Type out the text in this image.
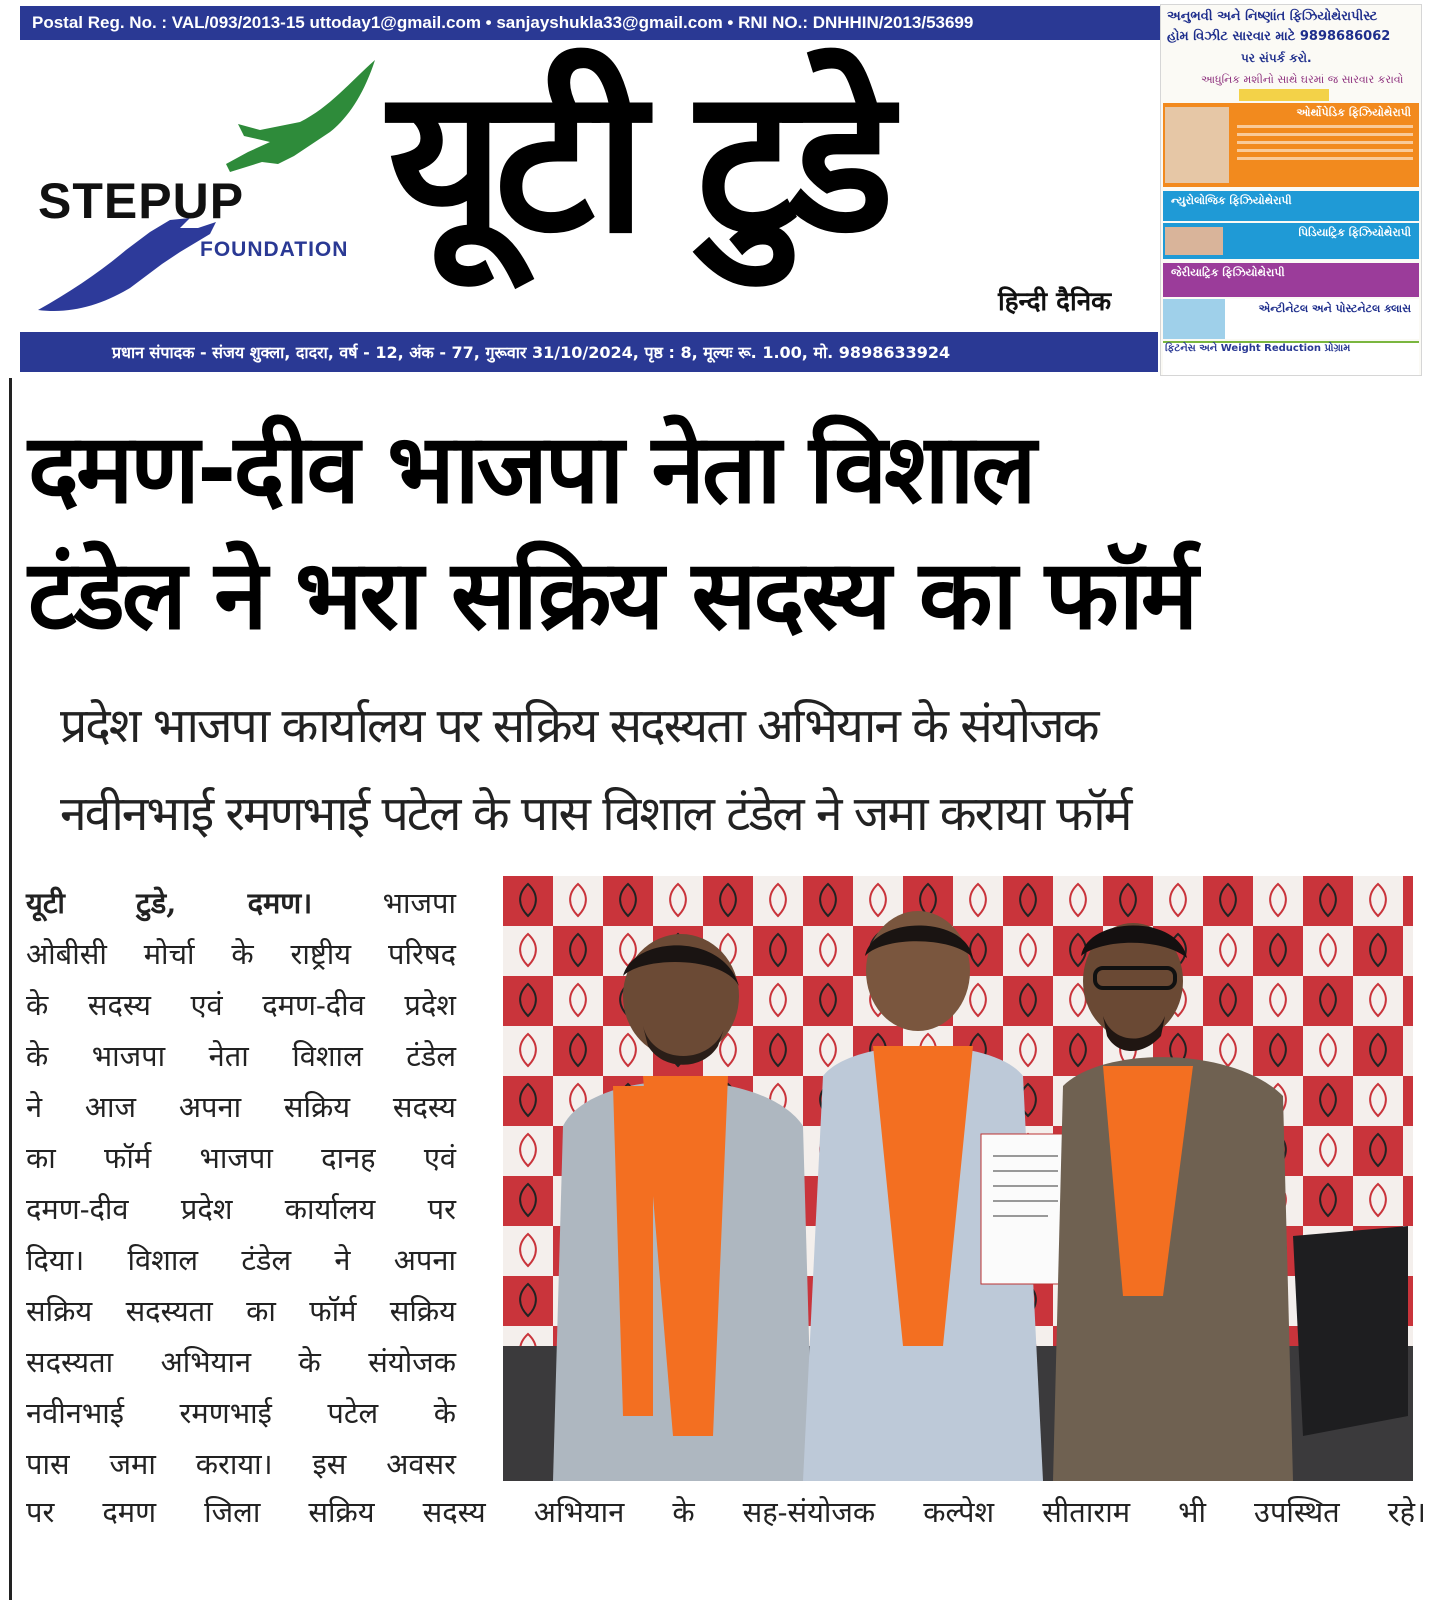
Postal Reg. No. : VAL/093/2013-15 uttoday1@gmail.com • sanjayshukla33@gmail.com • RNI NO.: DNHHIN/2013/53699
STEPUP
FOUNDATION यूटी टुडे
हिन्दी दैनिक
प्रधान संपादक - संजय शुक्ला, दादरा, वर्ष - 12, अंक - 77, गुरूवार 31/10/2024, पृष्ठ : 8, मूल्यः रू. 1.00, मो. 9898633924
અનુભવી અને નિષ્ણાંત ફિઝિયોથેરાપીસ્ટ
હોમ વિઝીટ સારવાર માટે 9898686062
પર સંપર્ક કરો.
આધુનિક મશીનો સાથે ઘરમાં જ સારવાર કરાવો
ઓર્થોપેડિક ફિઝિયોથેરાપી
ન્યુરોલોજિક ફિઝિયોથેરાપી
પિડિયાટ્રિક ફિઝિયોથેરાપી
જેરીયાટ્રિક ફિઝિયોથેરાપી
એન્ટીનેટલ અને પોસ્ટનેટલ ક્લાસ
ફિટનેસ અને Weight Reduction પ્રોગ્રામ
दमण-दीव भाजपा नेता विशाल
टंडेल ने भरा सक्रिय सदस्य का फॉर्म
प्रदेश भाजपा कार्यालय पर सक्रिय सदस्यता अभियान के संयोजक
नवीनभाई रमणभाई पटेल के पास विशाल टंडेल ने जमा कराया फॉर्म
यूटी टुडे, दमण। भाजपा
ओबीसी मोर्चा के राष्ट्रीय परिषद
के सदस्य एवं दमण-दीव प्रदेश
के भाजपा नेता विशाल टंडेल
ने आज अपना सक्रिय सदस्य
का फॉर्म भाजपा दानह एवं
दमण-दीव प्रदेश कार्यालय पर
दिया। विशाल टंडेल ने अपना
सक्रिय सदस्यता का फॉर्म सक्रिय
सदस्यता अभियान के संयोजक
नवीनभाई रमणभाई पटेल के
पास जमा कराया। इस अवसर
पर दमण जिला सक्रिय सदस्य अभियान के सह-संयोजक कल्पेश सीताराम भी उपस्थित रहे।
